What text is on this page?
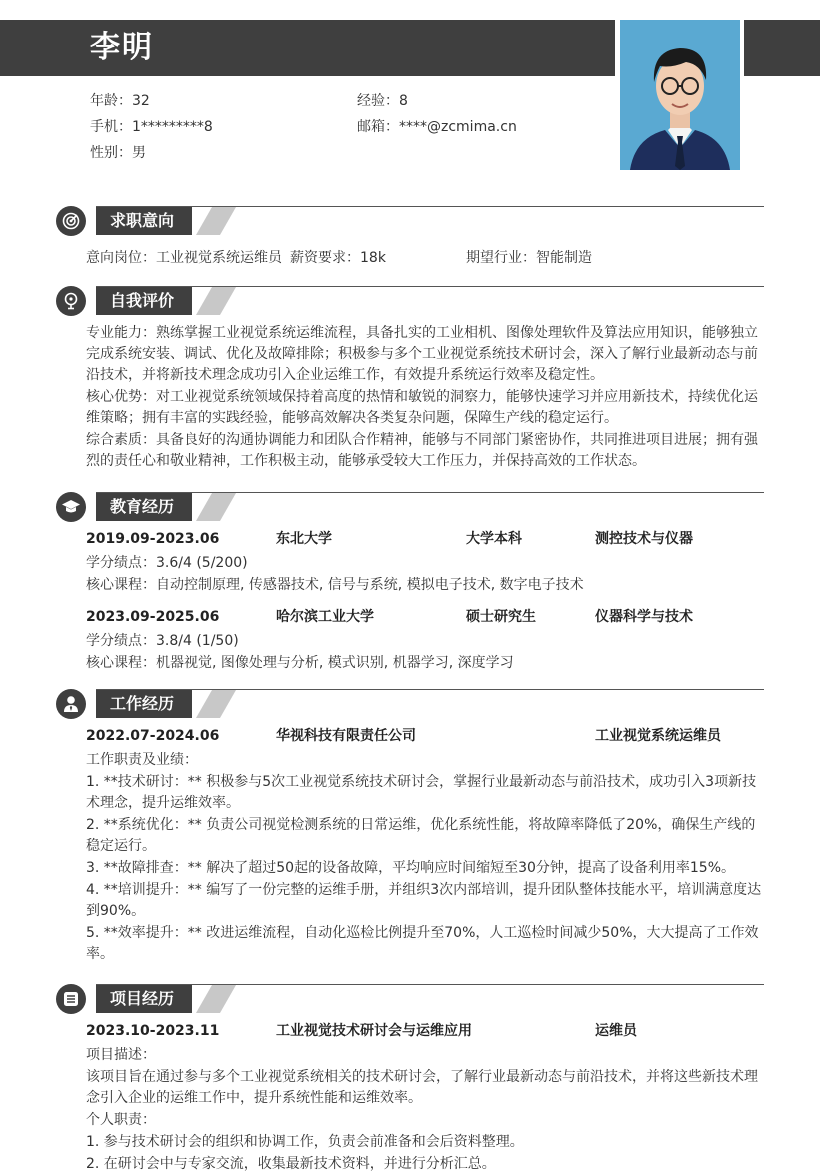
李明
年龄：32	经验：8
手机：1*********8	邮箱：****@zcmima.cn
性别：男
求职意向
意向岗位：工业视觉系统运维员 薪资要求：18k	期望行业：智能制造
自我评价

专业能力：熟练掌握工业视觉系统运维流程，具备扎实的工业相机、图像处理软件及算法应用知识，能够独立完成系统安装、调试、优化及故障排除；积极参与多个工业视觉系统技术研讨会，深入了解行业最新动态与前沿技术，并将新技术理念成功引入企业运维工作，有效提升系统运行效率及稳定性。

核心优势：对工业视觉系统领域保持着高度的热情和敏锐的洞察力，能够快速学习并应用新技术，持续优化运维策略；拥有丰富的实践经验，能够高效解决各类复杂问题，保障生产线的稳定运行。

综合素质：具备良好的沟通协调能力和团队合作精神，能够与不同部门紧密协作，共同推进项目进展；拥有强烈的责任心和敬业精神，工作积极主动，能够承受较大工作压力，并保持高效的工作状态。

教育经历
2019.09-2023.06	东北大学	大学本科	测控技术与仪器
学分绩点：3.6/4 (5/200)
核心课程：自动控制原理, 传感器技术, 信号与系统, 模拟电子技术, 数字电子技术
2023.09-2025.06	哈尔滨工业大学	硕士研究生	仪器科学与技术
学分绩点：3.8/4 (1/50)
核心课程：机器视觉, 图像处理与分析, 模式识别, 机器学习, 深度学习
工作经历
2022.07-2024.06	华视科技有限责任公司	工业视觉系统运维员

工作职责及业绩：

1. **技术研讨：** 积极参与5次工业视觉系统技术研讨会，掌握行业最新动态与前沿技术，成功引入3项新技术理念，提升运维效率。

2. **系统优化：** 负责公司视觉检测系统的日常运维，优化系统性能，将故障率降低了20%，确保生产线的稳定运行。

3. **故障排查：** 解决了超过50起的设备故障，平均响应时间缩短至30分钟，提高了设备利用率15%。

4. **培训提升：** 编写了一份完整的运维手册，并组织3次内部培训，提升团队整体技能水平，培训满意度达到90%。

5. **效率提升：** 改进运维流程，自动化巡检比例提升至70%，人工巡检时间减少50%，大大提高了工作效率。

项目经历
2023.10-2023.11	工业视觉技术研讨会与运维应用	运维员

项目描述：

该项目旨在通过参与多个工业视觉系统相关的技术研讨会，了解行业最新动态与前沿技术，并将这些新技术理念引入企业的运维工作中，提升系统性能和运维效率。

个人职责：

1. 参与技术研讨会的组织和协调工作，负责会前准备和会后资料整理。

2. 在研讨会中与专家交流，收集最新技术资料，并进行分析汇总。
